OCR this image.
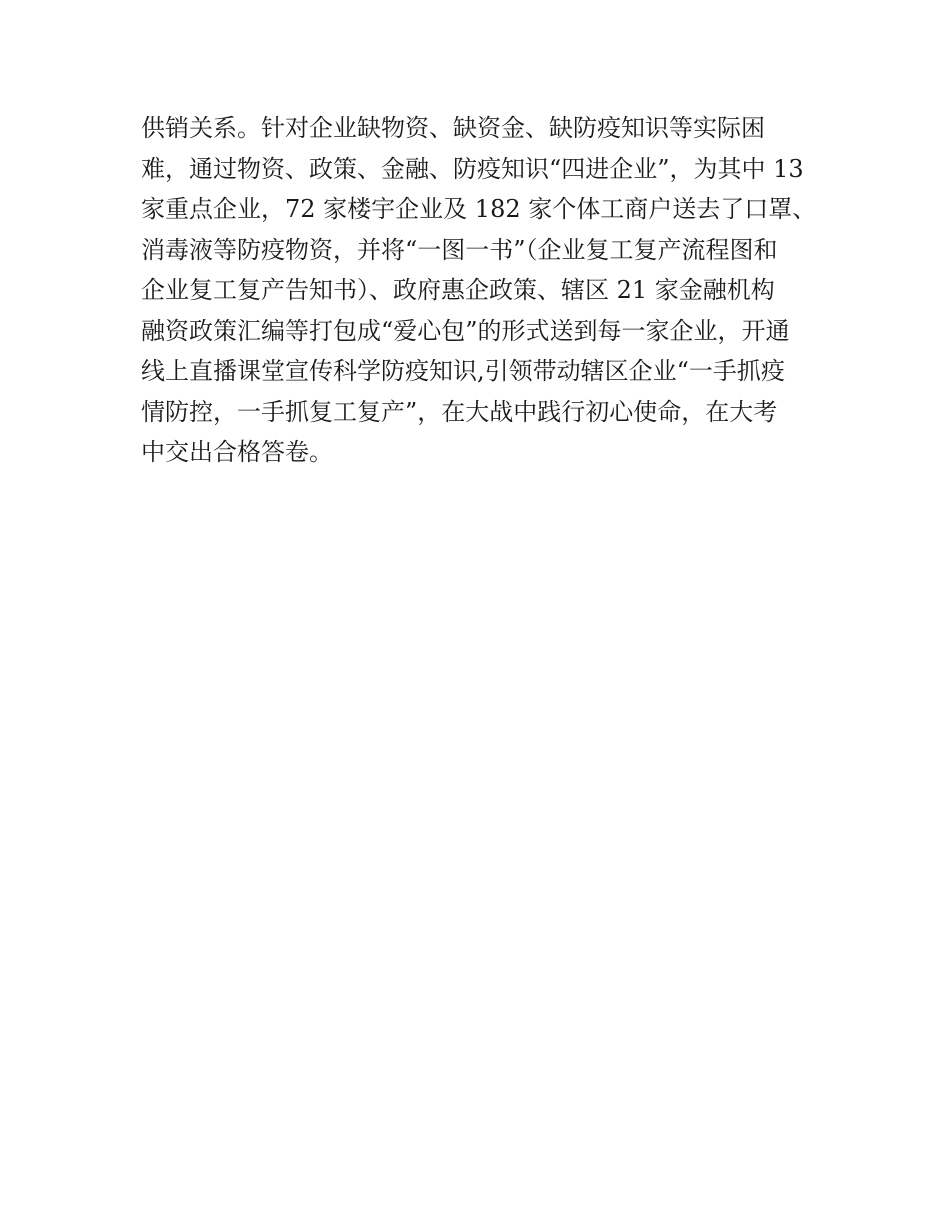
供销关系。针对企业缺物资、缺资金、缺防疫知识等实际困
难，通过物资、政策、金融、防疫知识“四进企业”，为其中 13
家重点企业，72 家楼宇企业及 182 家个体工商户送去了口罩、
消毒液等防疫物资，并将“一图一书”（企业复工复产流程图和
企业复工复产告知书）、政府惠企政策、辖区 21 家金融机构
融资政策汇编等打包成“爱心包”的形式送到每一家企业，开通
线上直播课堂宣传科学防疫知识,引领带动辖区企业“一手抓疫
情防控，一手抓复工复产”，在大战中践行初心使命，在大考
中交出合格答卷。
